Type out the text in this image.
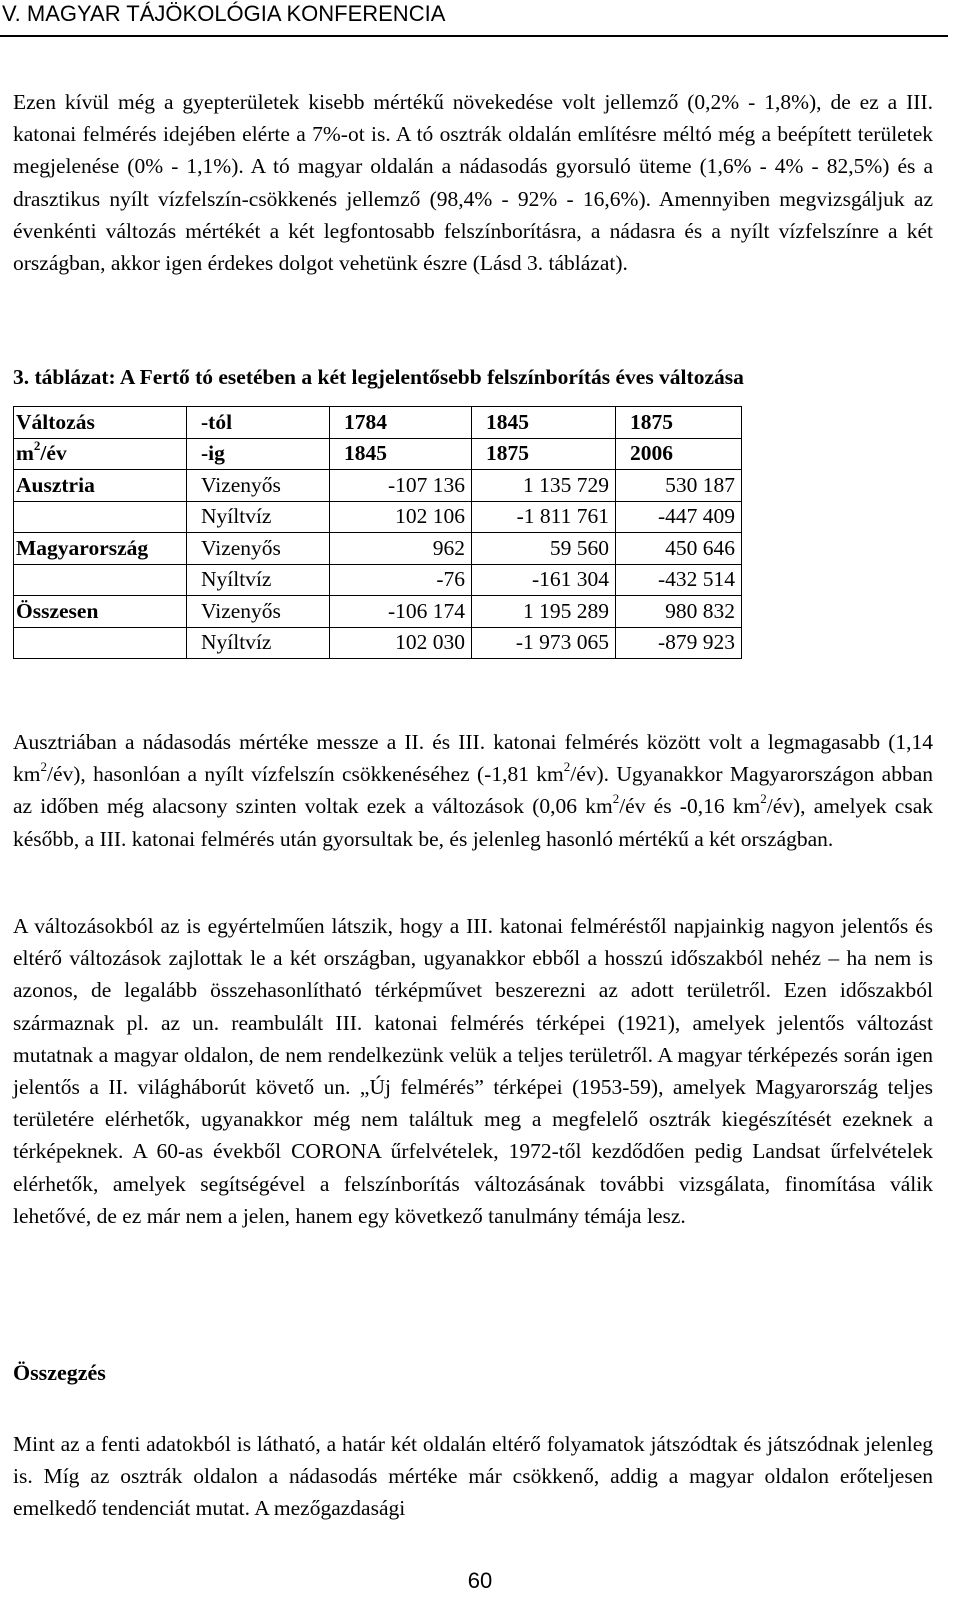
V. MAGYAR TÁJÖKOLÓGIA KONFERENCIA

Ezen kívül még a gyepterületek kisebb mértékű növekedése volt jellemző (0,2% - 1,8%), de ez a III. katonai felmérés idejében elérte a 7%-ot is. A tó osztrák oldalán említésre méltó még a beépített területek megjelenése (0% - 1,1%). A tó magyar oldalán a nádasodás gyorsuló üteme (1,6% - 4% - 82,5%) és a drasztikus nyílt vízfelszín-csökkenés jellemző (98,4% - 92% - 16,6%). Amennyiben megvizsgáljuk az évenkénti változás mértékét a két legfontosabb felszínborításra, a nádasra és a nyílt vízfelszínre a két országban, akkor igen érdekes dolgot vehetünk észre (Lásd 3. táblázat).

3. táblázat: A Fertő tó esetében a két legjelentősebb felszínborítás éves változása

Változás	-tól	1784	1845	1875
$m^2/év$	-ig	1845	1875	2006
Ausztria	Vizenyős	-107 136	1 135 729	530 187
	Nyíltvíz	102 106	-1 811 761	-447 409
Magyarország	Vizenyős	962	59 560	450 646
	Nyíltvíz	-76	-161 304	-432 514
Összesen	Vizenyős	-106 174	1 195 289	980 832
	Nyíltvíz	102 030	-1 973 065	-879 923

Ausztriában a nádasodás mértéke messze a II. és III. katonai felmérés között volt a legmagasabb (1,14 $km^2/év$), hasonlóan a nyílt vízfelszín csökkenéséhez (-1,81 $km^2/év$). Ugyanakkor Magyarországon abban az időben még alacsony szinten voltak ezek a változások (0,06 $km^2/év$ és -0,16 $km^2/év$), amelyek csak később, a III. katonai felmérés után gyorsultak be, és jelenleg hasonló mértékű a két országban.

A változásokból az is egyértelműen látszik, hogy a III. katonai felméréstől napjainkig nagyon jelentős és eltérő változások zajlottak le a két országban, ugyanakkor ebből a hosszú időszakból nehéz – ha nem is azonos, de legalább összehasonlítható térképművet beszerezni az adott területről. Ezen időszakból származnak pl. az un. reambulált III. katonai felmérés térképei (1921), amelyek jelentős változást mutatnak a magyar oldalon, de nem rendelkezünk velük a teljes területről. A magyar térképezés során igen jelentős a II. világháborút követő un. „Új felmérés” térképei (1953-59), amelyek Magyarország teljes területére elérhetők, ugyanakkor még nem találtuk meg a megfelelő osztrák kiegészítését ezeknek a térképeknek. A 60-as évekből CORONA űrfelvételek, 1972-től kezdődően pedig Landsat űrfelvételek elérhetők, amelyek segítségével a felszínborítás változásának további vizsgálata, finomítása válik lehetővé, de ez már nem a jelen, hanem egy következő tanulmány témája lesz.

Összegzés

Mint az a fenti adatokból is látható, a határ két oldalán eltérő folyamatok játszódtak és játszódnak jelenleg is. Míg az osztrák oldalon a nádasodás mértéke már csökkenő, addig a magyar oldalon erőteljesen emelkedő tendenciát mutat. A mezőgazdasági

60
